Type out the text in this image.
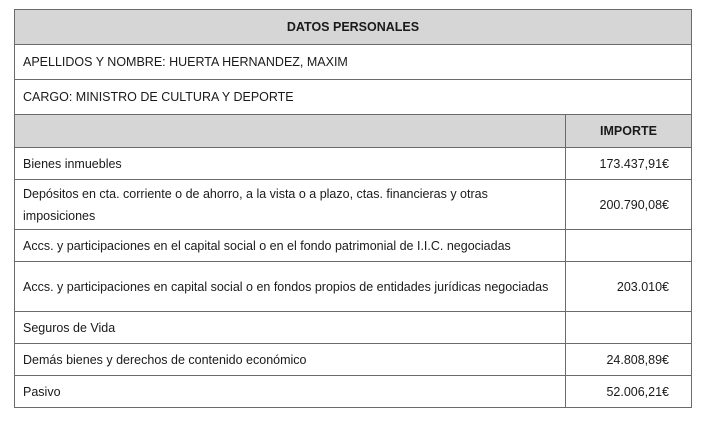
DATOS PERSONALES	
APELLIDOS Y NOMBRE: HUERTA HERNANDEZ, MAXIM	
CARGO: MINISTRO DE CULTURA Y DEPORTE	
	IMPORTE
Bienes inmuebles	173.437,91€
Depósitos en cta. corriente o de ahorro, a la vista o a plazo, ctas. financieras y otras imposiciones	200.790,08€
Accs. y participaciones en el capital social o en el fondo patrimonial de I.I.C. negociadas	
Accs. y participaciones en capital social o en fondos propios de entidades jurídicas negociadas	203.010€
Seguros de Vida	
Demás bienes y derechos de contenido económico	24.808,89€
Pasivo	52.006,21€
